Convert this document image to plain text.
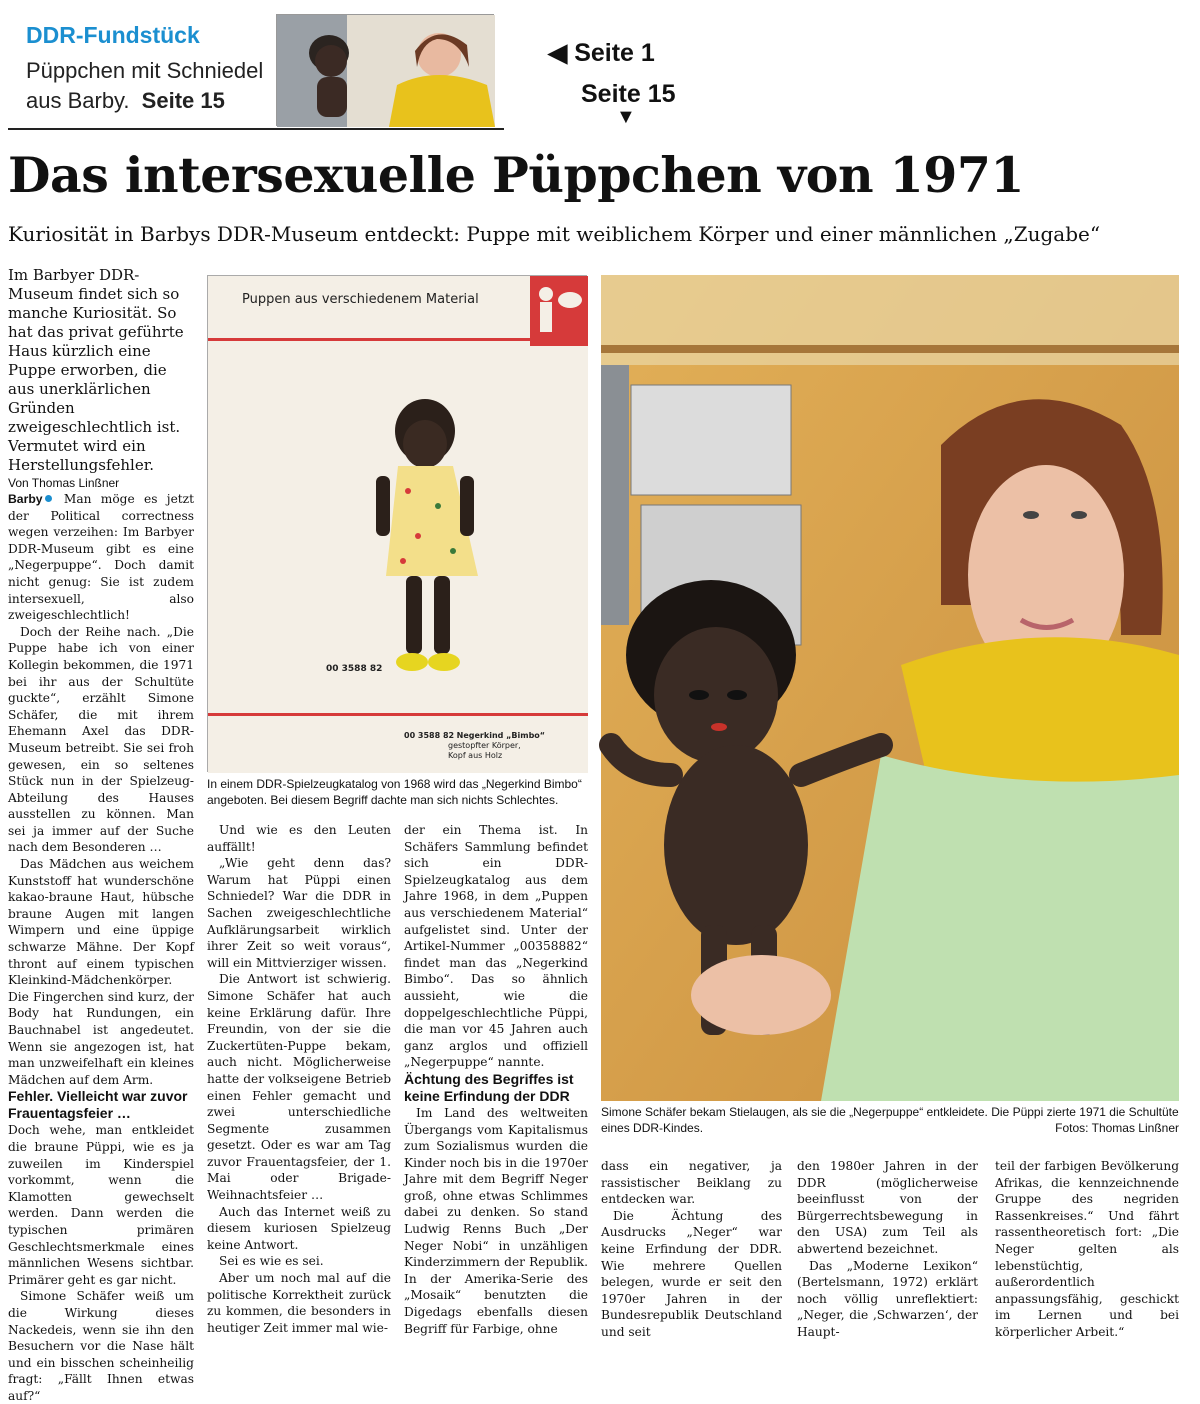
DDR-Fundstück
Püppchen mit Schniedel
aus Barby. Seite 15
◀ Seite 1
Seite 15
▼
Das intersexuelle Püppchen von 1971
Kuriosität in Barbys DDR-Museum entdeckt: Puppe mit weiblichem Körper und einer männlichen „Zugabe“

Im Barbyer DDR-Museum findet sich so manche Kuriosität. So hat das privat geführte Haus kürzlich eine Puppe erworben, die aus unerklärlichen Gründen zweigeschlechtlich ist. Vermutet wird ein Herstellungsfehler.

Von Thomas Linßner

Barby Man möge es jetzt der Political correctness wegen verzeihen: Im Barbyer DDR-Museum gibt es eine „Negerpuppe“. Doch damit nicht genug: Sie ist zudem intersexuell, also zweigeschlechtlich!

Doch der Reihe nach. „Die Puppe habe ich von einer Kollegin bekommen, die 1971 bei ihr aus der Schultüte guckte“, erzählt Simone Schäfer, die mit ihrem Ehemann Axel das DDR-Museum betreibt. Sie sei froh gewesen, ein so seltenes Stück nun in der Spielzeug-Abteilung des Hauses ausstellen zu können. Man sei ja immer auf der Suche nach dem Besonderen …

Das Mädchen aus weichem Kunststoff hat wunderschöne kakao-braune Haut, hübsche braune Augen mit langen Wimpern und eine üppige schwarze Mähne. Der Kopf thront auf einem typischen Kleinkind-Mädchenkörper. Die Fingerchen sind kurz, der Body hat Rundungen, ein Bauchnabel ist angedeutet. Wenn sie angezogen ist, hat man unzweifelhaft ein kleines Mädchen auf dem Arm.

Fehler. Vielleicht war zuvor Frauentagsfeier …

Doch wehe, man entkleidet die braune Püppi, wie es ja zuweilen im Kinderspiel vorkommt, wenn die Klamotten gewechselt werden. Dann werden die typischen primären Geschlechtsmerkmale eines männlichen Wesens sichtbar. Primärer geht es gar nicht.

Simone Schäfer weiß um die Wirkung dieses Nackedeis, wenn sie ihn den Besuchern vor die Nase hält und ein bisschen scheinheilig fragt: „Fällt Ihnen etwas auf?“

Puppen aus verschiedenem Material
00 3588 82
00 3588 82 Negerkind „Bimbo“
gestopfter Körper,
Kopf aus Holz
In einem DDR-Spielzeugkatalog von 1968 wird das „Negerkind Bimbo“ angeboten. Bei diesem Begriff dachte man sich nichts Schlechtes.

Und wie es den Leuten auffällt!

„Wie geht denn das? Warum hat Püppi einen Schniedel? War die DDR in Sachen zweigeschlechtliche Aufklärungsarbeit wirklich ihrer Zeit so weit voraus“, will ein Mittvierziger wissen.

Die Antwort ist schwierig. Simone Schäfer hat auch keine Erklärung dafür. Ihre Freundin, von der sie die Zuckertüten-Puppe bekam, auch nicht. Möglicherweise hatte der volkseigene Betrieb einen Fehler gemacht und zwei unterschiedliche Segmente zusammen gesetzt. Oder es war am Tag zuvor Frauentagsfeier, der 1. Mai oder Brigade-Weihnachtsfeier …

Auch das Internet weiß zu diesem kuriosen Spielzeug keine Antwort.

Sei es wie es sei.

Aber um noch mal auf die politische Korrektheit zurück zu kommen, die besonders in heutiger Zeit immer mal wie-

der ein Thema ist. In Schäfers Sammlung befindet sich ein DDR-Spielzeugkatalog aus dem Jahre 1968, in dem „Puppen aus verschiedenem Material“ aufgelistet sind. Unter der Artikel-Nummer „00358882“ findet man das „Negerkind Bimbo“. Das so ähnlich aussieht, wie die doppelgeschlechtliche Püppi, die man vor 45 Jahren auch ganz arglos und offiziell „Negerpuppe“ nannte.

Ächtung des Begriffes ist keine Erfindung der DDR

Im Land des weltweiten Übergangs vom Kapitalismus zum Sozialismus wurden die Kinder noch bis in die 1970er Jahre mit dem Begriff Neger groß, ohne etwas Schlimmes dabei zu denken. So stand Ludwig Renns Buch „Der Neger Nobi“ in unzähligen Kinderzimmern der Republik. In der Amerika-Serie des „Mosaik“ benutzten die Digedags ebenfalls diesen Begriff für Farbige, ohne

Simone Schäfer bekam Stielaugen, als sie die „Negerpuppe“ entkleidete. Die Püppi zierte 1971 die Schultüte eines DDR-Kindes.	Fotos: Thomas Linßner

dass ein negativer, ja rassistischer Beiklang zu entdecken war.

Die Ächtung des Ausdrucks „Neger“ war keine Erfindung der DDR. Wie mehrere Quellen belegen, wurde er seit den 1970er Jahren in der Bundesrepublik Deutschland und seit

den 1980er Jahren in der DDR (möglicherweise beeinflusst von der Bürgerrechtsbewegung in den USA) zum Teil als abwertend bezeichnet.

Das „Moderne Lexikon“ (Bertelsmann, 1972) erklärt noch völlig unreflektiert: „Neger, die ‚Schwarzen‘, der Haupt-

teil der farbigen Bevölkerung Afrikas, die kennzeichnende Gruppe des negriden Rassenkreises.“ Und fährt rassentheoretisch fort: „Die Neger gelten als lebenstüchtig, außerordentlich anpassungsfähig, geschickt im Lernen und bei körperlicher Arbeit.“
